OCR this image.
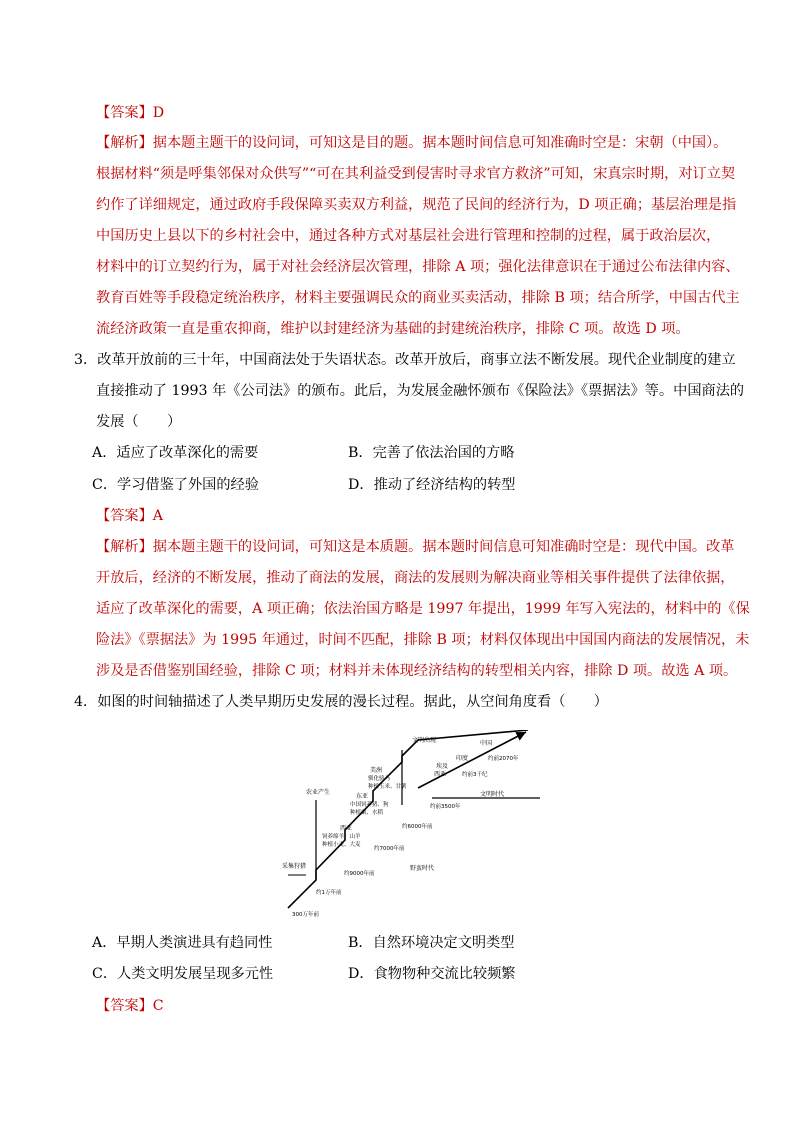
【答案】D
【解析】据本题主题干的设问词，可知这是目的题。据本题时间信息可知准确时空是：宋朝（中国）。
根据材料“须是呼集邻保对众供写”“可在其利益受到侵害时寻求官方救济”可知，宋真宗时期，对订立契
约作了详细规定，通过政府手段保障买卖双方利益，规范了民间的经济行为，D 项正确；基层治理是指
中国历史上县以下的乡村社会中，通过各种方式对基层社会进行管理和控制的过程，属于政治层次，
材料中的订立契约行为，属于对社会经济层次管理，排除 A 项；强化法律意识在于通过公布法律内容、
教育百姓等手段稳定统治秩序，材料主要强调民众的商业买卖活动，排除 B 项；结合所学，中国古代主
流经济政策一直是重农抑商，维护以封建经济为基础的封建统治秩序，排除 C 项。故选 D 项。
3．改革开放前的三十年，中国商法处于失语状态。改革开放后，商事立法不断发展。现代企业制度的建立
直接推动了 1993 年《公司法》的颁布。此后，为发展金融怀颁布《保险法》《票据法》等。中国商法的
发展（　　）
A．适应了改革深化的需要	B．完善了依法治国的方略
C．学习借鉴了外国的经验	D．推动了经济结构的转型
【答案】A
【解析】据本题主题干的设问词，可知这是本质题。据本题时间信息可知准确时空是：现代中国。改革
开放后，经济的不断发展，推动了商法的发展，商法的发展则为解决商业等相关事件提供了法律依据，
适应了改革深化的需要，A 项正确；依法治国方略是 1997 年提出，1999 年写入宪法的，材料中的《保
险法》《票据法》为 1995 年通过，时间不匹配，排除 B 项；材料仅体现出中国国内商法的发展情况，未
涉及是否借鉴别国经验，排除 C 项；材料并未体现经济结构的转型相关内容，排除 D 项。故选 A 项。
4．如图的时间轴描述了人类早期历史发展的漫长过程。据此，从空间角度看（　　）
文明出现	中国
约前2070年
印度
埃及
西亚	约前3千纪
美洲
驯化骆马
种植玉米、甘薯
东亚
中国饲养猪、狗
种植粟、水稻
约前3500年
文明时代
农业产生
约6000年前
西亚
饲养绵羊、山羊
种植小麦、大麦
约7000年前
采集狩猎
约9000年前
野蛮时代
约1万年前
300万年前
A．早期人类演进具有趋同性	B．自然环境决定文明类型
C．人类文明发展呈现多元性	D．食物物种交流比较频繁
【答案】C
